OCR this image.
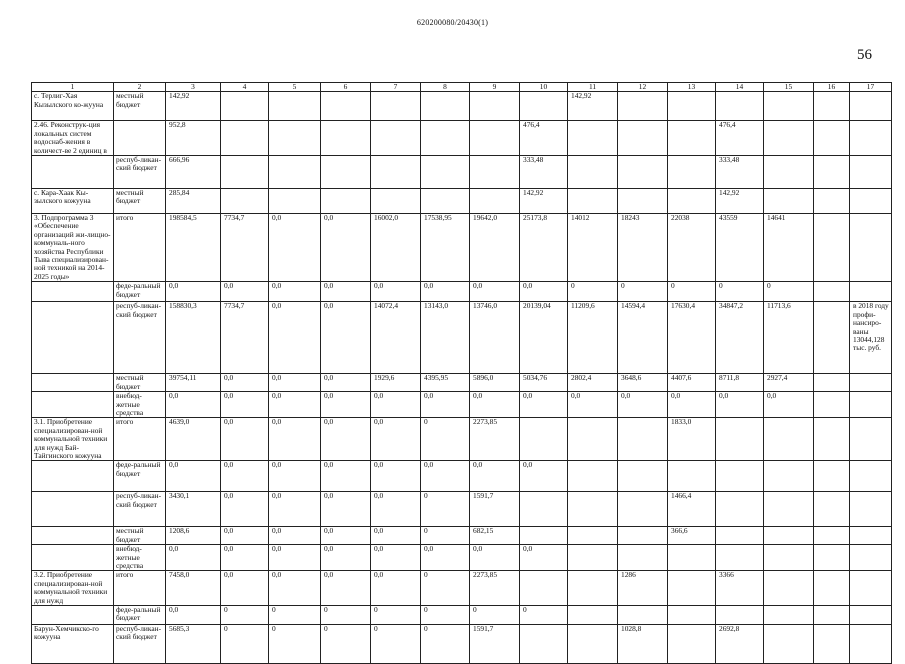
620200080/20430(1)
56
1	2	3	4	5	6	7	8	9	10	11	12	13	14	15	16	17
с. Терлиг-Хая Кызылского ко-жууна	местный бюджет	142,92								142,92						
2.46. Реконструк-ция локальных систем водоснаб-жения в количест-ве 2 единиц в		952,8							476,4				476,4			
	респуб-ликан-ский бюджет	666,96							333,48				333,48			
с. Кара-Хаак Кы-зылского кожууна	местный бюджет	285,84							142,92				142,92			
3. Подпрограмма 3 «Обеспечение организаций жи-лищно-коммуналь-ного хозяйства Республики Тыва специализирован-ной техникой на 2014-2025 годы»	итого	198584,5	7734,7	0,0	0,0	16002,0	17538,95	19642,0	25173,8	14012	18243	22038	43559	14641		
	феде-ральный бюджет	0,0	0,0	0,0	0,0	0,0	0,0	0,0	0,0	0	0	0	0	0		
	респуб-ликан-ский бюджет	158830,3	7734,7	0,0	0,0	14072,4	13143,0	13746,0	20139,04	11209,6	14594,4	17630,4	34847,2	11713,6		в 2018 году профи-нансиро-ваны 13044,128 тыс. руб.
	местный бюджет	39754,11	0,0	0,0	0,0	1929,6	4395,95	5896,0	5034,76	2802,4	3648,6	4407,6	8711,8	2927,4		
	внебюд-жетные средства	0,0	0,0	0,0	0,0	0,0	0,0	0,0	0,0	0,0	0,0	0,0	0,0	0,0		
3.1. Приобретение специализирован-ной коммунальной техники для нужд Бай-Тайгинского кожууна	итого	4639,0	0,0	0,0	0,0	0,0	0	2273,85				1833,0				
	феде-ральный бюджет	0,0	0,0	0,0	0,0	0,0	0,0	0,0	0,0							
	респуб-ликан-ский бюджет	3430,1	0,0	0,0	0,0	0,0	0	1591,7				1466,4				
	местный бюджет	1208,6	0,0	0,0	0,0	0,0	0	682,15				366,6				
	внебюд-жетные средства	0,0	0,0	0,0	0,0	0,0	0,0	0,0	0,0							
3.2. Приобретение специализирован-ной коммунальной техники для нужд	итого	7458,0	0,0	0,0	0,0	0,0	0	2273,85			1286		3366			
	феде-ральный бюджет	0,0	0	0	0	0	0	0	0							
Барун-Хемчикско-го кожууна	респуб-ликан-ский бюджет	5685,3	0	0	0	0	0	1591,7			1028,8		2692,8			
